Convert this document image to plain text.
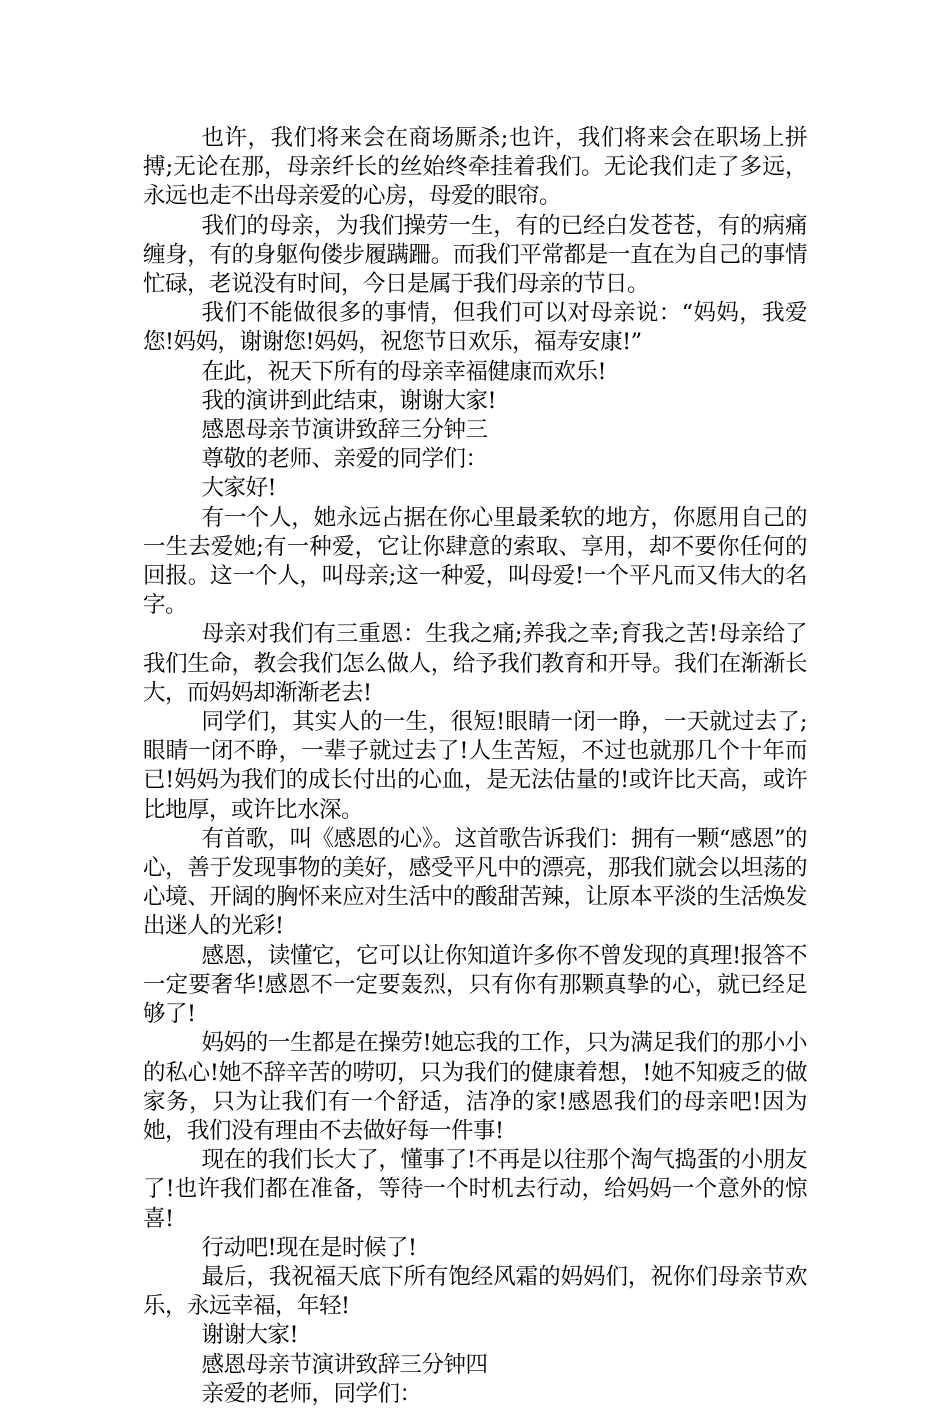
也许，我们将来会在商场厮杀;也许，我们将来会在职场上拼搏;无论在那，母亲纤长的丝始终牵挂着我们。无论我们走了多远，永远也走不出母亲爱的心房，母爱的眼帘。

我们的母亲，为我们操劳一生，有的已经白发苍苍，有的病痛缠身，有的身躯佝偻步履蹒跚。而我们平常都是一直在为自己的事情忙碌，老说没有时间，今日是属于我们母亲的节日。

我们不能做很多的事情，但我们可以对母亲说：“妈妈，我爱您!妈妈，谢谢您!妈妈，祝您节日欢乐，福寿安康!”

在此，祝天下所有的母亲幸福健康而欢乐!

我的演讲到此结束，谢谢大家!

感恩母亲节演讲致辞三分钟三

尊敬的老师、亲爱的同学们：

大家好!

有一个人，她永远占据在你心里最柔软的地方，你愿用自己的一生去爱她;有一种爱，它让你肆意的索取、享用，却不要你任何的回报。这一个人，叫母亲;这一种爱，叫母爱!一个平凡而又伟大的名字。

母亲对我们有三重恩：生我之痛;养我之幸;育我之苦!母亲给了我们生命，教会我们怎么做人，给予我们教育和开导。我们在渐渐长大，而妈妈却渐渐老去!

同学们，其实人的一生，很短!眼睛一闭一睁，一天就过去了;眼睛一闭不睁，一辈子就过去了!人生苦短，不过也就那几个十年而已!妈妈为我们的成长付出的心血，是无法估量的!或许比天高，或许比地厚，或许比水深。

有首歌，叫《感恩的心》。这首歌告诉我们：拥有一颗“感恩”的心，善于发现事物的美好，感受平凡中的漂亮，那我们就会以坦荡的心境、开阔的胸怀来应对生活中的酸甜苦辣，让原本平淡的生活焕发出迷人的光彩!

感恩，读懂它，它可以让你知道许多你不曾发现的真理!报答不一定要奢华!感恩不一定要轰烈，只有你有那颗真挚的心，就已经足够了!

妈妈的一生都是在操劳!她忘我的工作，只为满足我们的那小小的私心!她不辞辛苦的唠叨，只为我们的健康着想，!她不知疲乏的做家务，只为让我们有一个舒适，洁净的家!感恩我们的母亲吧!因为她，我们没有理由不去做好每一件事!

现在的我们长大了，懂事了!不再是以往那个淘气捣蛋的小朋友了!也许我们都在准备，等待一个时机去行动，给妈妈一个意外的惊喜!

行动吧!现在是时候了!

最后，我祝福天底下所有饱经风霜的妈妈们，祝你们母亲节欢乐，永远幸福，年轻!

谢谢大家!

感恩母亲节演讲致辞三分钟四

亲爱的老师，同学们：
